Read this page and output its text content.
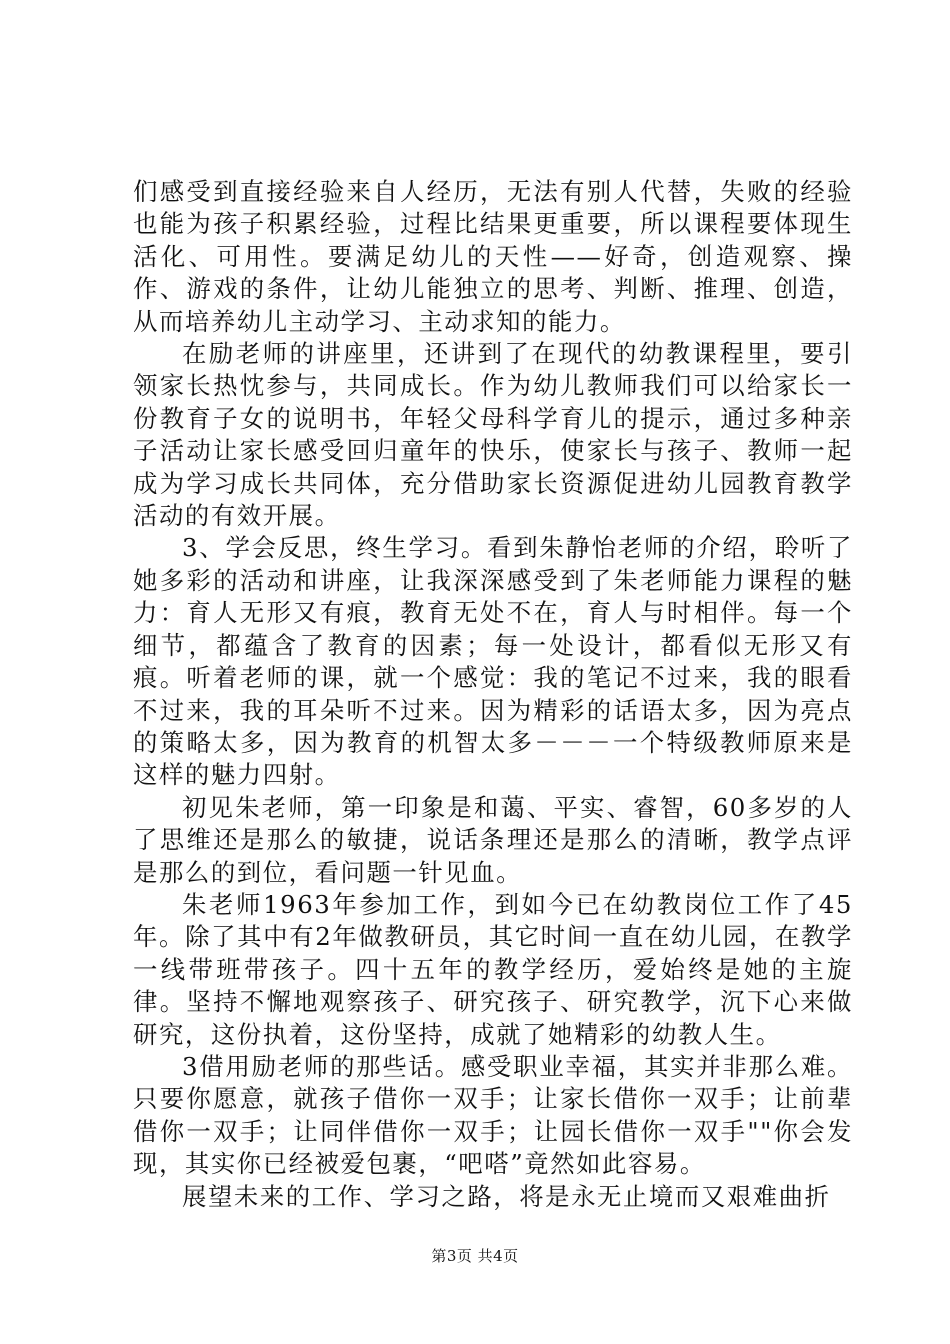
们感受到直接经验来自人经历，无法有别人代替，失败的经验也能为孩子积累经验，过程比结果更重要，所以课程要体现生活化、可用性。要满足幼儿的天性——好奇，创造观察、操作、游戏的条件，让幼儿能独立的思考、判断、推理、创造，从而培养幼儿主动学习、主动求知的能力。

在励老师的讲座里，还讲到了在现代的幼教课程里，要引领家长热忱参与，共同成长。作为幼儿教师我们可以给家长一份教育子女的说明书，年轻父母科学育儿的提示，通过多种亲子活动让家长感受回归童年的快乐，使家长与孩子、教师一起成为学习成长共同体，充分借助家长资源促进幼儿园教育教学活动的有效开展。

3、学会反思，终生学习。看到朱静怡老师的介绍，聆听了她多彩的活动和讲座，让我深深感受到了朱老师能力课程的魅力：育人无形又有痕，教育无处不在，育人与时相伴。每一个细节，都蕴含了教育的因素；每一处设计，都看似无形又有痕。听着老师的课，就一个感觉：我的笔记不过来，我的眼看不过来，我的耳朵听不过来。因为精彩的话语太多，因为亮点的策略太多，因为教育的机智太多－－－一个特级教师原来是这样的魅力四射。

初见朱老师，第一印象是和蔼、平实、睿智，60多岁的人了思维还是那么的敏捷，说话条理还是那么的清晰，教学点评是那么的到位，看问题一针见血。

朱老师1963年参加工作，到如今已在幼教岗位工作了45年。除了其中有2年做教研员，其它时间一直在幼儿园，在教学一线带班带孩子。四十五年的教学经历，爱始终是她的主旋律。坚持不懈地观察孩子、研究孩子、研究教学，沉下心来做研究，这份执着，这份坚持，成就了她精彩的幼教人生。

3借用励老师的那些话。感受职业幸福，其实并非那么难。只要你愿意，就孩子借你一双手；让家长借你一双手；让前辈借你一双手；让同伴借你一双手；让园长借你一双手""你会发现，其实你已经被爱包裹，“吧嗒”竟然如此容易。

展望未来的工作、学习之路，将是永无止境而又艰难曲折

第3页 共4页
